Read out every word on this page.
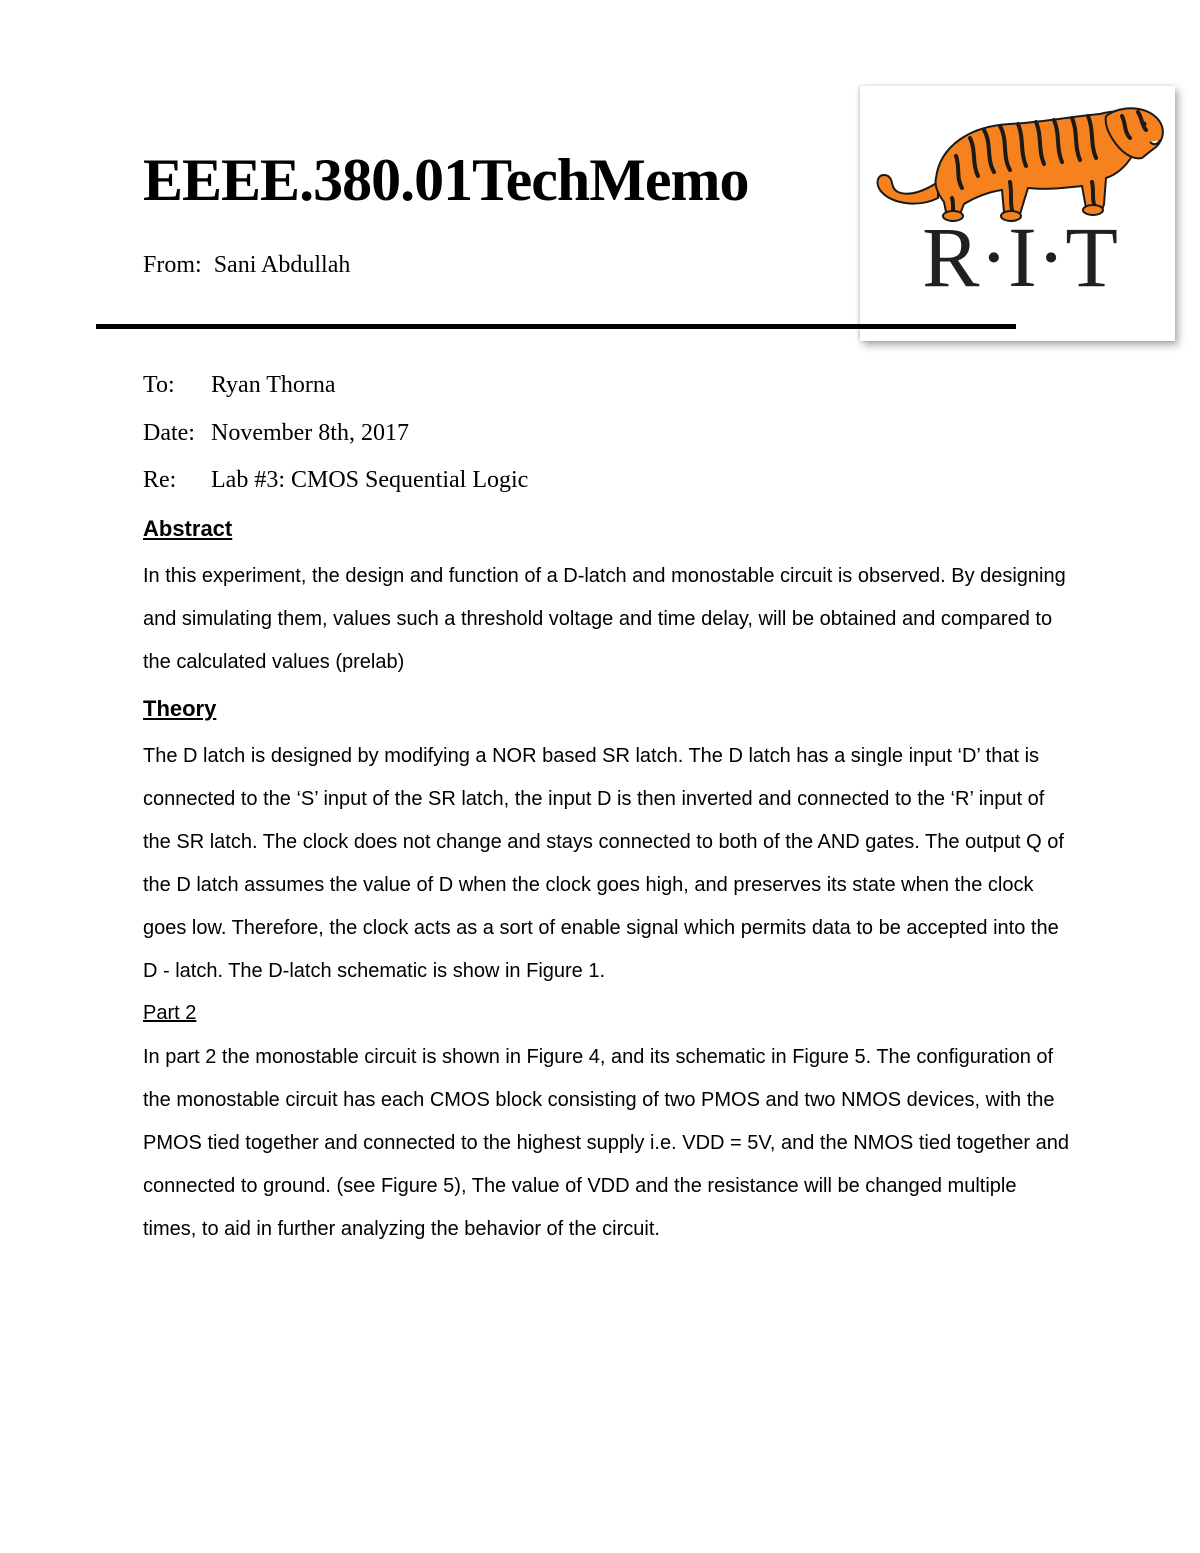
EEEE.380.01TechMemo
From: Sani Abdullah	R·I·T
To: Ryan Thorna
Date: November 8th, 2017
Re: Lab #3: CMOS Sequential Logic
Abstract

In this experiment, the design and function of a D-latch and monostable circuit is observed. By designing and simulating them, values such a threshold voltage and time delay, will be obtained and compared to the calculated values (prelab)

Theory

The D latch is designed by modifying a NOR based SR latch. The D latch has a single input ‘D’ that is connected to the ‘S’ input of the SR latch, the input D is then inverted and connected to the ‘R’ input of the SR latch. The clock does not change and stays connected to both of the AND gates. The output Q of the D latch assumes the value of D when the clock goes high, and preserves its state when the clock goes low. Therefore, the clock acts as a sort of enable signal which permits data to be accepted into the D - latch. The D-latch schematic is show in Figure 1.

Part 2

In part 2 the monostable circuit is shown in Figure 4, and its schematic in Figure 5. The configuration of the monostable circuit has each CMOS block consisting of two PMOS and two NMOS devices, with the PMOS tied together and connected to the highest supply i.e. VDD = 5V, and the NMOS tied together and connected to ground. (see Figure 5), The value of VDD and the resistance will be changed multiple times, to aid in further analyzing the behavior of the circuit.
